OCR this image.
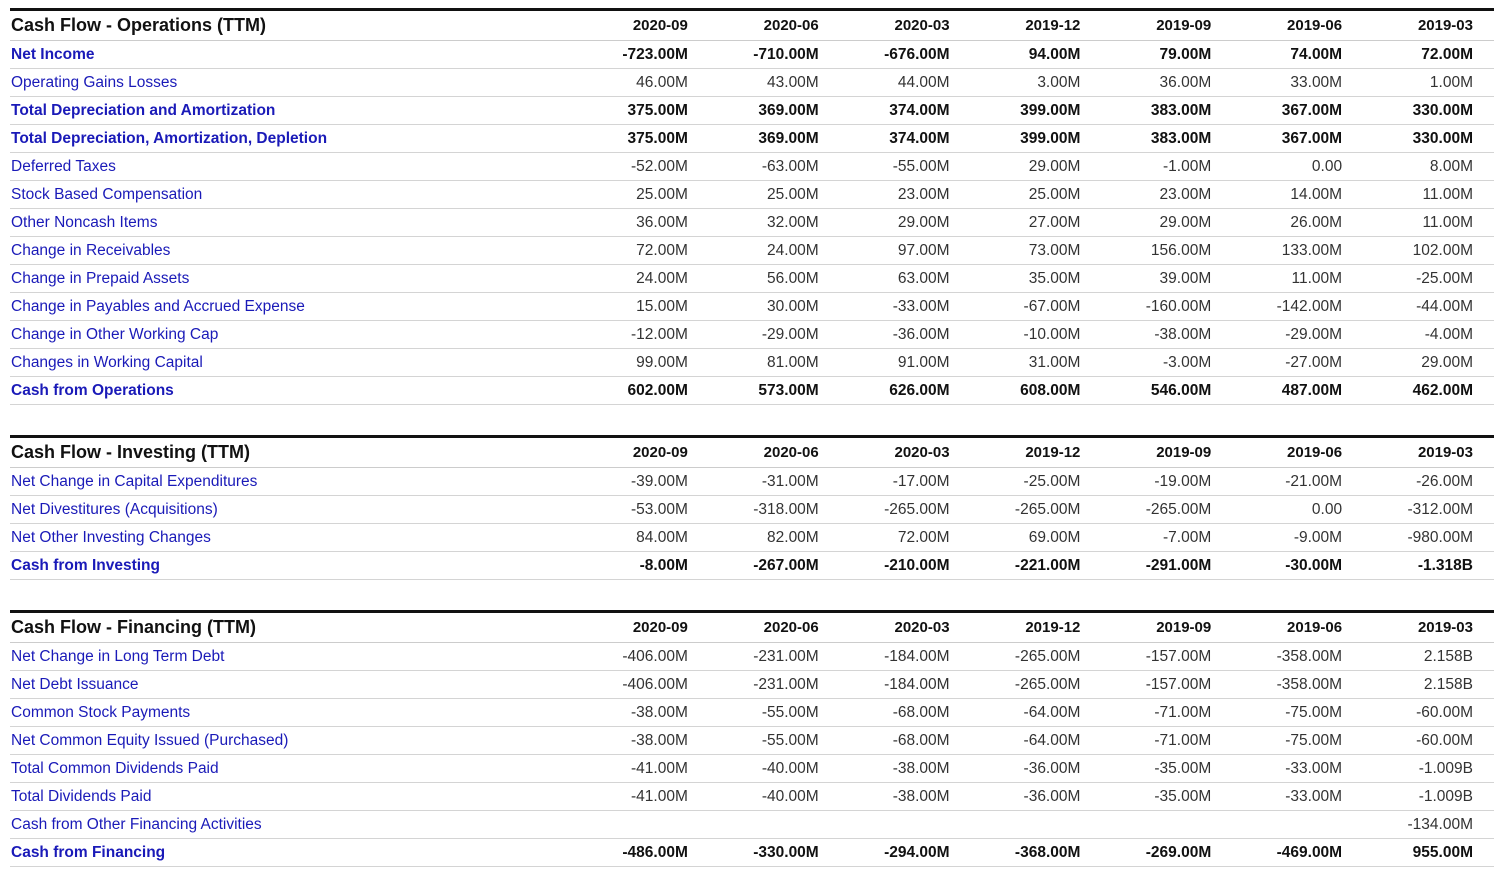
Cash Flow - Operations (TTM)	2020-09	2020-06	2020-03	2019-12	2019-09	2019-06	2019-03
Net Income	-723.00M	-710.00M	-676.00M	94.00M	79.00M	74.00M	72.00M
Operating Gains Losses	46.00M	43.00M	44.00M	3.00M	36.00M	33.00M	1.00M
Total Depreciation and Amortization	375.00M	369.00M	374.00M	399.00M	383.00M	367.00M	330.00M
Total Depreciation, Amortization, Depletion	375.00M	369.00M	374.00M	399.00M	383.00M	367.00M	330.00M
Deferred Taxes	-52.00M	-63.00M	-55.00M	29.00M	-1.00M	0.00	8.00M
Stock Based Compensation	25.00M	25.00M	23.00M	25.00M	23.00M	14.00M	11.00M
Other Noncash Items	36.00M	32.00M	29.00M	27.00M	29.00M	26.00M	11.00M
Change in Receivables	72.00M	24.00M	97.00M	73.00M	156.00M	133.00M	102.00M
Change in Prepaid Assets	24.00M	56.00M	63.00M	35.00M	39.00M	11.00M	-25.00M
Change in Payables and Accrued Expense	15.00M	30.00M	-33.00M	-67.00M	-160.00M	-142.00M	-44.00M
Change in Other Working Cap	-12.00M	-29.00M	-36.00M	-10.00M	-38.00M	-29.00M	-4.00M
Changes in Working Capital	99.00M	81.00M	91.00M	31.00M	-3.00M	-27.00M	29.00M
Cash from Operations	602.00M	573.00M	626.00M	608.00M	546.00M	487.00M	462.00M
Cash Flow - Investing (TTM)	2020-09	2020-06	2020-03	2019-12	2019-09	2019-06	2019-03
Net Change in Capital Expenditures	-39.00M	-31.00M	-17.00M	-25.00M	-19.00M	-21.00M	-26.00M
Net Divestitures (Acquisitions)	-53.00M	-318.00M	-265.00M	-265.00M	-265.00M	0.00	-312.00M
Net Other Investing Changes	84.00M	82.00M	72.00M	69.00M	-7.00M	-9.00M	-980.00M
Cash from Investing	-8.00M	-267.00M	-210.00M	-221.00M	-291.00M	-30.00M	-1.318B
Cash Flow - Financing (TTM)	2020-09	2020-06	2020-03	2019-12	2019-09	2019-06	2019-03
Net Change in Long Term Debt	-406.00M	-231.00M	-184.00M	-265.00M	-157.00M	-358.00M	2.158B
Net Debt Issuance	-406.00M	-231.00M	-184.00M	-265.00M	-157.00M	-358.00M	2.158B
Common Stock Payments	-38.00M	-55.00M	-68.00M	-64.00M	-71.00M	-75.00M	-60.00M
Net Common Equity Issued (Purchased)	-38.00M	-55.00M	-68.00M	-64.00M	-71.00M	-75.00M	-60.00M
Total Common Dividends Paid	-41.00M	-40.00M	-38.00M	-36.00M	-35.00M	-33.00M	-1.009B
Total Dividends Paid	-41.00M	-40.00M	-38.00M	-36.00M	-35.00M	-33.00M	-1.009B
Cash from Other Financing Activities							-134.00M
Cash from Financing	-486.00M	-330.00M	-294.00M	-368.00M	-269.00M	-469.00M	955.00M
